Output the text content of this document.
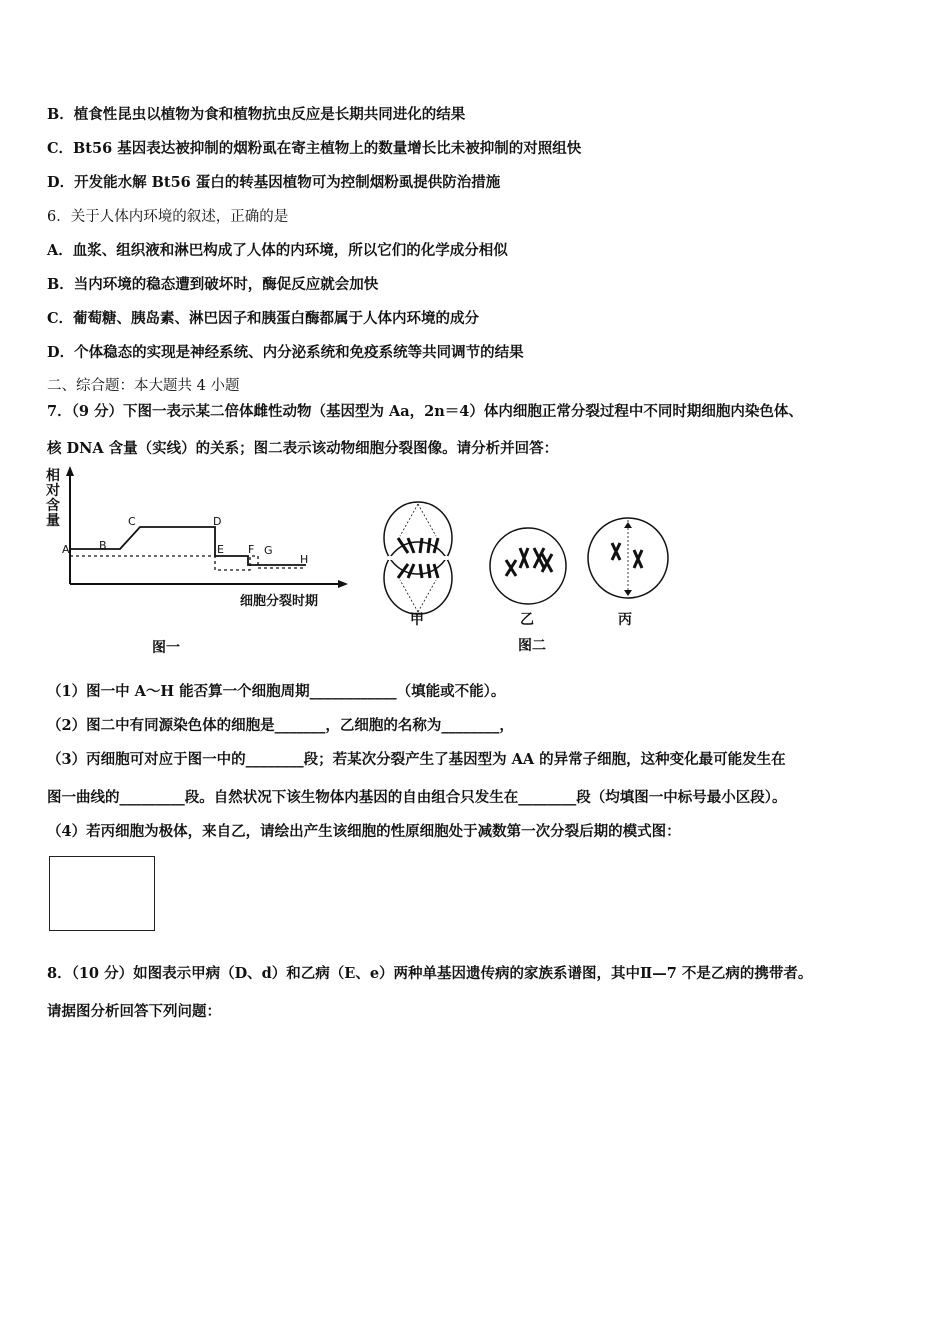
B．植食性昆虫以植物为食和植物抗虫反应是长期共同进化的结果
C．Bt56 基因表达被抑制的烟粉虱在寄主植物上的数量增长比未被抑制的对照组快
D．开发能水解 Bt56 蛋白的转基因植物可为控制烟粉虱提供防治措施
6．关于人体内环境的叙述，正确的是
A．血浆、组织液和淋巴构成了人体的内环境，所以它们的化学成分相似
B．当内环境的稳态遭到破坏时，酶促反应就会加快
C．葡萄糖、胰岛素、淋巴因子和胰蛋白酶都属于人体内环境的成分
D．个体稳态的实现是神经系统、内分泌系统和免疫系统等共同调节的结果
二、综合题：本大题共 4 小题
7．（9 分）下图一表示某二倍体雌性动物（基因型为 Aa，2n＝4）体内细胞正常分裂过程中不同时期细胞内染色体、
核 DNA 含量（实线）的关系；图二表示该动物细胞分裂图像。请分析并回答：
相
对
含
量
A	B
C	D
E F G
H
细胞分裂时期
图一
甲	乙	丙
图二
（1）图一中 A～H 能否算一个细胞周期____________（填能或不能）。
（2）图二中有同源染色体的细胞是_______，乙细胞的名称为________，
（3）丙细胞可对应于图一中的________段；若某次分裂产生了基因型为 AA 的异常子细胞，这种变化最可能发生在
图一曲线的_________段。自然状况下该生物体内基因的自由组合只发生在________段（均填图一中标号最小区段）。
（4）若丙细胞为极体，来自乙，请绘出产生该细胞的性原细胞处于减数第一次分裂后期的模式图：
8．（10 分）如图表示甲病（D、d）和乙病（E、e）两种单基因遗传病的家族系谱图，其中Ⅱ—7 不是乙病的携带者。
请据图分析回答下列问题：
